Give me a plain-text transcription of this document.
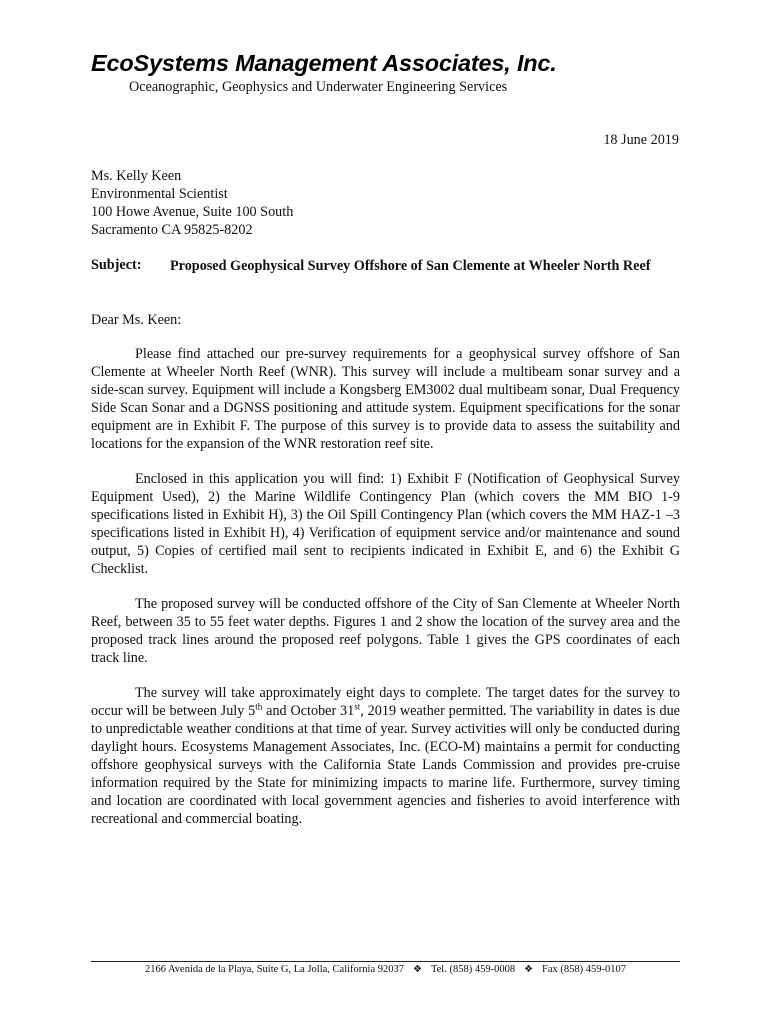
EcoSystems Management Associates, Inc.
Oceanographic, Geophysics and Underwater Engineering Services
18 June 2019
Ms. Kelly Keen
Environmental Scientist
100 Howe Avenue, Suite 100 South
Sacramento CA 95825-8202
Subject: Proposed Geophysical Survey Offshore of San Clemente at Wheeler North Reef
Dear Ms. Keen:

Please find attached our pre-survey requirements for a geophysical survey offshore of San Clemente at Wheeler North Reef (WNR). This survey will include a multibeam sonar survey and a side-scan survey. Equipment will include a Kongsberg EM3002 dual multibeam sonar, Dual Frequency Side Scan Sonar and a DGNSS positioning and attitude system. Equipment specifications for the sonar equipment are in Exhibit F. The purpose of this survey is to provide data to assess the suitability and locations for the expansion of the WNR restoration reef site.

Enclosed in this application you will find: 1) Exhibit F (Notification of Geophysical Survey Equipment Used), 2) the Marine Wildlife Contingency Plan (which covers the MM BIO 1-9 specifications listed in Exhibit H), 3) the Oil Spill Contingency Plan (which covers the MM HAZ-1 –3 specifications listed in Exhibit H), 4) Verification of equipment service and/or maintenance and sound output, 5) Copies of certified mail sent to recipients indicated in Exhibit E, and 6) the Exhibit G Checklist.

The proposed survey will be conducted offshore of the City of San Clemente at Wheeler North Reef, between 35 to 55 feet water depths. Figures 1 and 2 show the location of the survey area and the proposed track lines around the proposed reef polygons. Table 1 gives the GPS coordinates of each track line.

The survey will take approximately eight days to complete. The target dates for the survey to occur will be between July 5th and October 31st, 2019 weather permitted. The variability in dates is due to unpredictable weather conditions at that time of year. Survey activities will only be conducted during daylight hours. Ecosystems Management Associates, Inc. (ECO-M) maintains a permit for conducting offshore geophysical surveys with the California State Lands Commission and provides pre-cruise information required by the State for minimizing impacts to marine life. Furthermore, survey timing and location are coordinated with local government agencies and fisheries to avoid interference with recreational and commercial boating.

2166 Avenida de la Playa, Suite G, La Jolla, California 92037 ❖ Tel. (858) 459-0008 ❖ Fax (858) 459-0107
